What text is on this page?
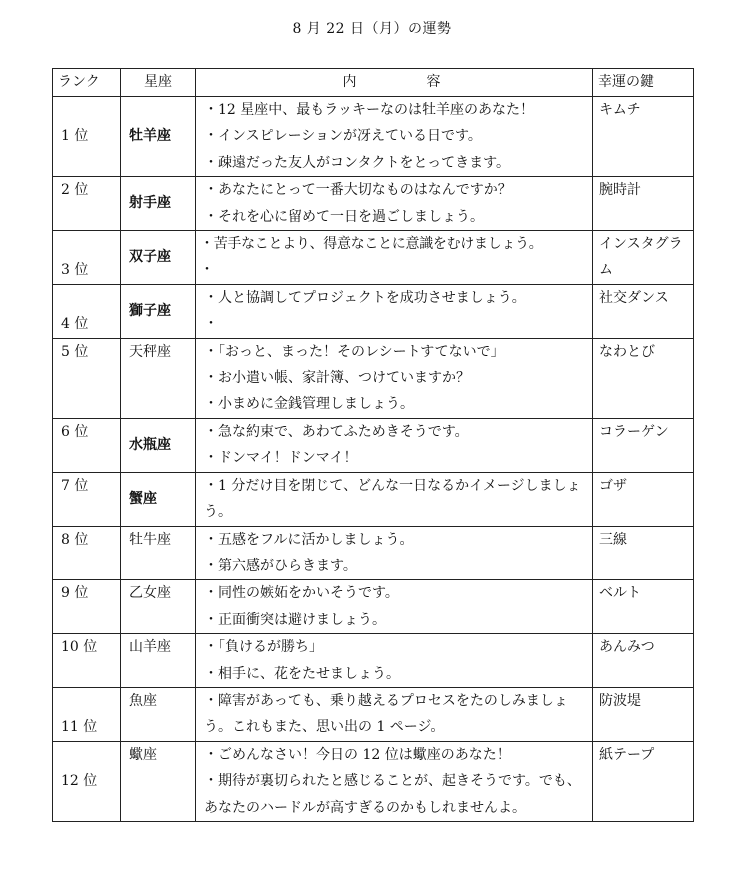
8 月 22 日（月）の運勢
ランク	星座	内容	幸運の鍵
1 位	牡羊座	・12 星座中、最もラッキーなのは牡羊座のあなた！
・インスピレーションが冴えている日です。
・疎遠だった友人がコンタクトをとってきます。	キムチ
2 位	射手座	・あなたにとって一番大切なものはなんですか？
・それを心に留めて一日を過ごしましょう。	腕時計
3 位	双子座	・苦手なことより、得意なことに意識をむけましょう。
・	インスタグラム

4 位	獅子座	・人と協調してプロジェクトを成功させましょう。
・	社交ダンス
5 位	天秤座	・「おっと、まった！そのレシートすてないで」
・お小遣い帳、家計簿、つけていますか？
・小まめに金銭管理しましょう。	なわとび
6 位	水瓶座	・急な約束で、あわてふためきそうです。
・ドンマイ！ドンマイ！	コラーゲン
7 位	蟹座	・1 分だけ目を閉じて、どんな一日なるかイメージしましょう。	ゴザ
8 位	牡牛座	・五感をフルに活かしましょう。
・第六感がひらきます。	三線
9 位	乙女座	・同性の嫉妬をかいそうです。
・正面衝突は避けましょう。	ベルト
10 位	山羊座	・「負けるが勝ち」
・相手に、花をたせましょう。	あんみつ
11 位	魚座	・障害があっても、乗り越えるプロセスをたのしみましょう。これもまた、思い出の 1 ページ。	防波堤
12 位	蠍座	・ごめんなさい！今日の 12 位は蠍座のあなた！
・期待が裏切られたと感じることが、起きそうです。でも、あなたのハードルが高すぎるのかもしれませんよ。	紙テープ
